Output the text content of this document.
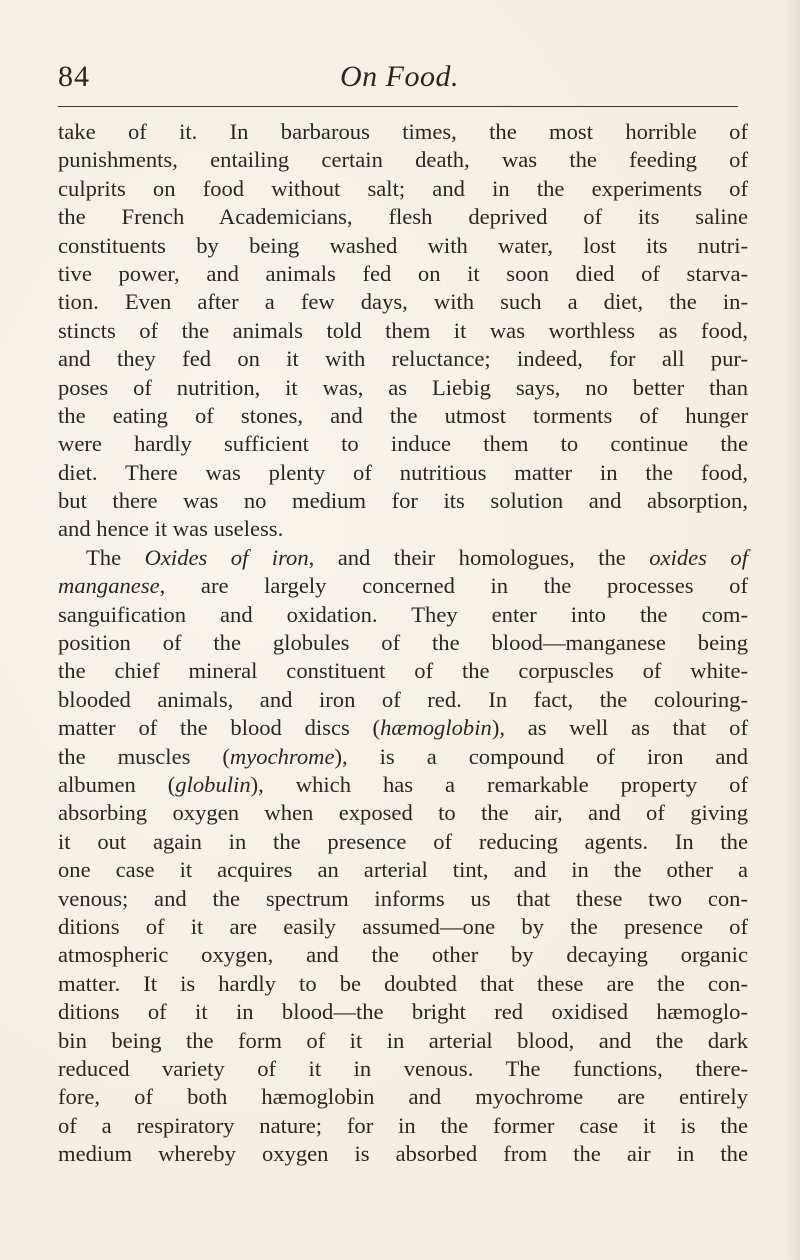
84	On Food.
take of it. In barbarous times, the most horrible of
punishments, entailing certain death, was the feeding of
culprits on food without salt; and in the experiments of
the French Academicians, flesh deprived of its saline
constituents by being washed with water, lost its nutri-
tive power, and animals fed on it soon died of starva-
tion. Even after a few days, with such a diet, the in-
stincts of the animals told them it was worthless as food,
and they fed on it with reluctance; indeed, for all pur-
poses of nutrition, it was, as Liebig says, no better than
the eating of stones, and the utmost torments of hunger
were hardly sufficient to induce them to continue the
diet. There was plenty of nutritious matter in the food,
but there was no medium for its solution and absorption,
and hence it was useless.
The Oxides of iron, and their homologues, the oxides of
manganese, are largely concerned in the processes of
sanguification and oxidation. They enter into the com-
position of the globules of the blood—manganese being
the chief mineral constituent of the corpuscles of white-
blooded animals, and iron of red. In fact, the colouring-
matter of the blood discs (hæmoglobin), as well as that of
the muscles (myochrome), is a compound of iron and
albumen (globulin), which has a remarkable property of
absorbing oxygen when exposed to the air, and of giving
it out again in the presence of reducing agents. In the
one case it acquires an arterial tint, and in the other a
venous; and the spectrum informs us that these two con-
ditions of it are easily assumed—one by the presence of
atmospheric oxygen, and the other by decaying organic
matter. It is hardly to be doubted that these are the con-
ditions of it in blood—the bright red oxidised hæmoglo-
bin being the form of it in arterial blood, and the dark
reduced variety of it in venous. The functions, there-
fore, of both hæmoglobin and myochrome are entirely
of a respiratory nature; for in the former case it is the
medium whereby oxygen is absorbed from the air in the
